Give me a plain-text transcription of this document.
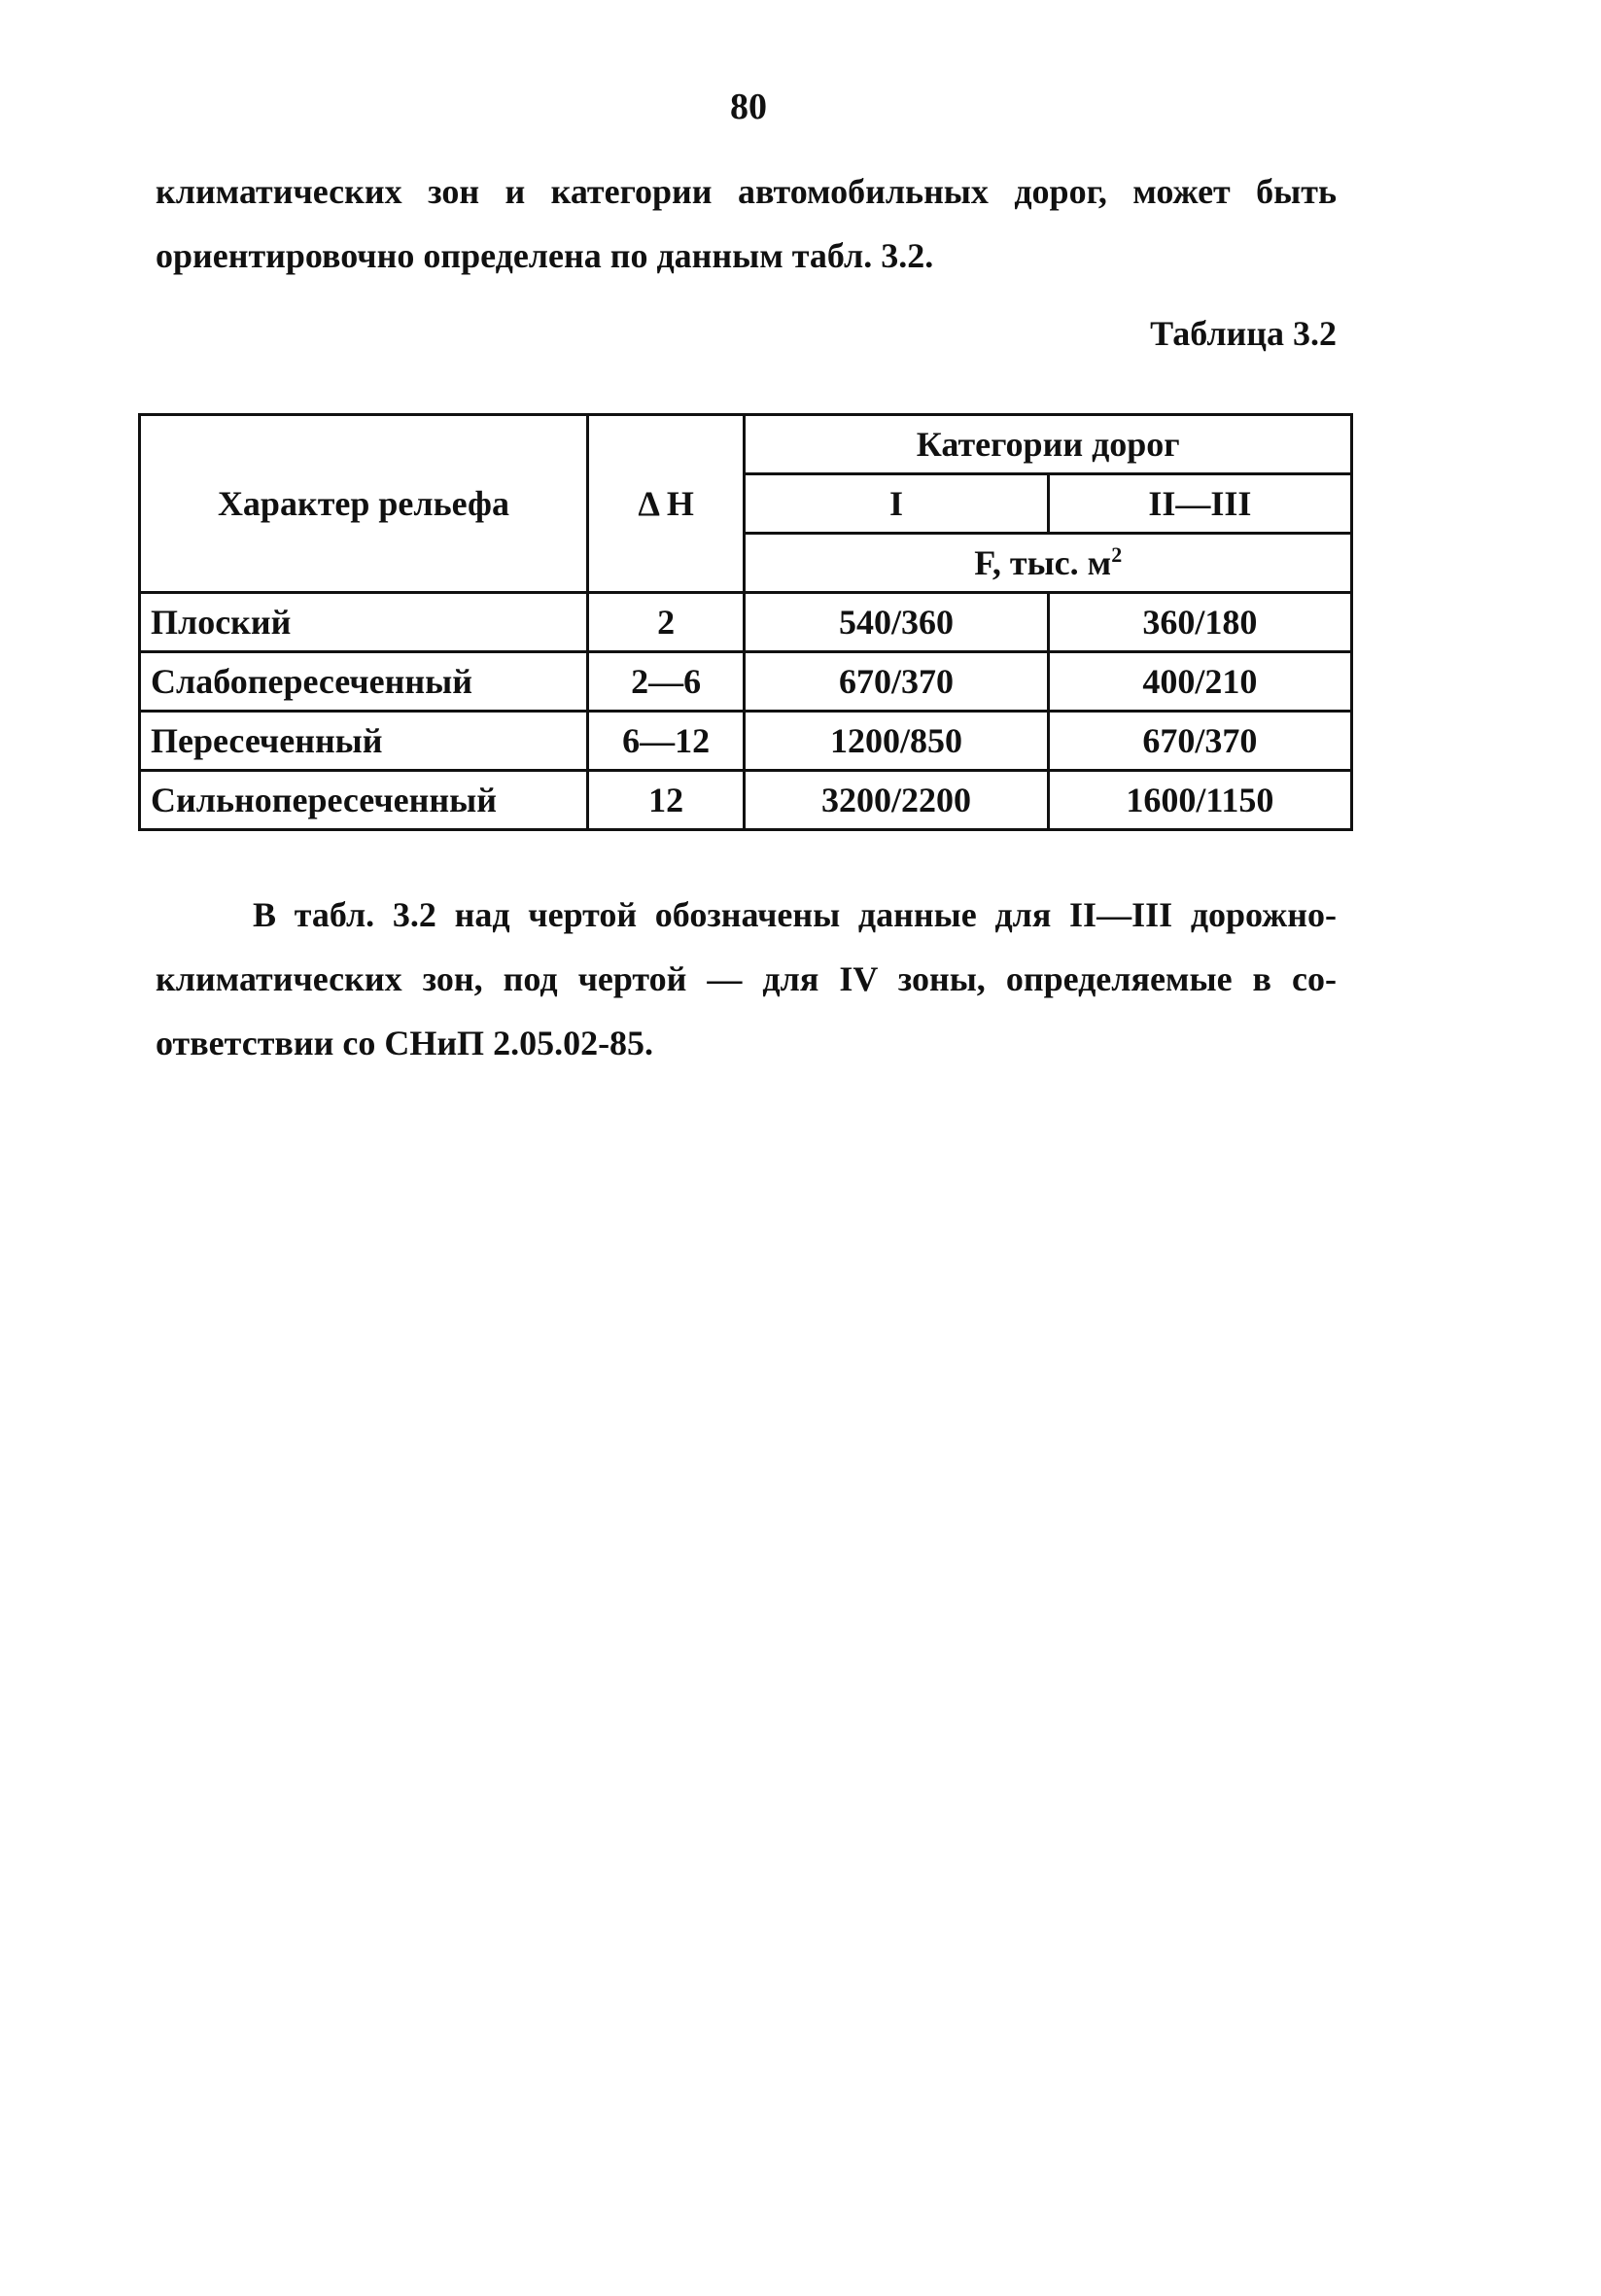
80

климатических зон и категории автомобильных дорог, может быть
ориентировочно определена по данным табл. 3.2.

Таблица 3.2
Характер рельефа	Δ Н	Категории дорог	
		I	II—III
		F, тыс. $м^2$
Плоский	2	540/360	360/180
Слабопересеченный	2—6	670/370	400/210
Пересеченный	6—12	1200/850	670/370
Сильнопересеченный	12	3200/2200	1600/1150

В табл. 3.2 над чертой обозначены данные для II—III дорожно-
климатических зон, под чертой — для IV зоны, определяемые в со-
ответствии со СНиП 2.05.02-85.
